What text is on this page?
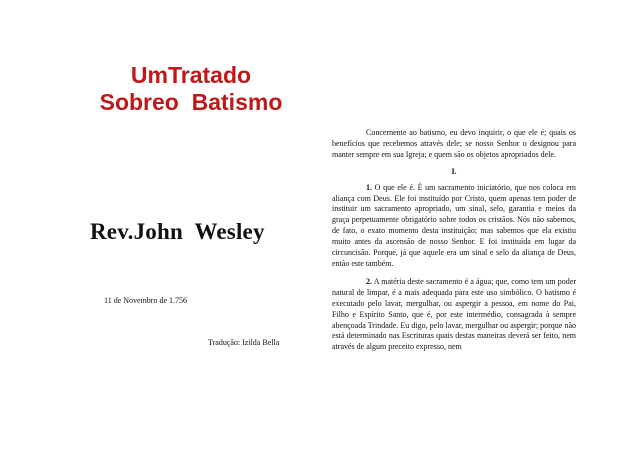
UmTratado
Sobreo  Batismo
Rev.John  Wesley
11 de Novembro de 1.756
Tradução: Izilda Bella

Concernente ao batismo, eu devo inquirir, o que ele é; quais os benefícios que recebemos através dele; se nosso Senhor o designou para manter sempre em sua Igreja; e quem são os objetos apropriados dele.

I.

1. O que ele é. É um sacramento iniciatório, que nos coloca em aliança com Deus. Ele foi instituído por Cristo, quem apenas tem poder de instituir um sacramento apropriado, um sinal, selo, garantia e meios da graça perpetuamente obrigatório sobre todos os cristãos. Nós não sabemos, de fato, o exato momento desta instituição; mas sabemos que ela existiu muito antes da ascensão de nosso Senhor. E foi instituída em lugar da circuncisão. Porque, já que aquele era um sinal e selo da aliança de Deus, então este também.

2. A matéria deste sacramento é a água; que, como tem um poder natural de limpar, é a mais adequada para este uso simbólico. O batismo é executado pelo lavar, mergulhar, ou aspergir a pessoa, em nome do Pai, Filho e Espírito Santo, que é, por este intermédio, consagrada à sempre abençoada Trindade. Eu digo, pelo lavar, mergulhar ou aspergir; porque não está determinado nas Escrituras quais destas maneiras deverá ser feito, nem através de algum preceito expresso, nem
